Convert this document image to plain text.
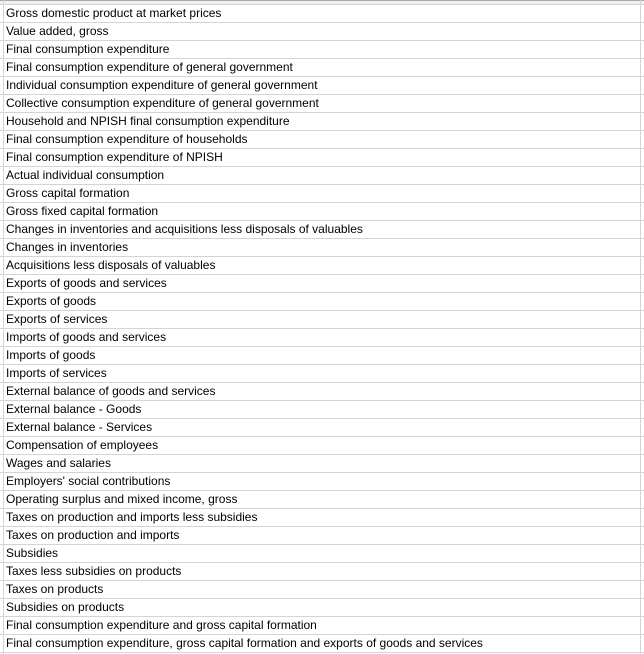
Gross domestic product at market prices
Value added, gross
Final consumption expenditure
Final consumption expenditure of general government
Individual consumption expenditure of general government
Collective consumption expenditure of general government
Household and NPISH final consumption expenditure
Final consumption expenditure of households
Final consumption expenditure of NPISH
Actual individual consumption
Gross capital formation
Gross fixed capital formation
Changes in inventories and acquisitions less disposals of valuables
Changes in inventories
Acquisitions less disposals of valuables
Exports of goods and services
Exports of goods
Exports of services
Imports of goods and services
Imports of goods
Imports of services
External balance of goods and services
External balance - Goods
External balance - Services
Compensation of employees
Wages and salaries
Employers' social contributions
Operating surplus and mixed income, gross
Taxes on production and imports less subsidies
Taxes on production and imports
Subsidies
Taxes less subsidies on products
Taxes on products
Subsidies on products
Final consumption expenditure and gross capital formation
Final consumption expenditure, gross capital formation and exports of goods and services
